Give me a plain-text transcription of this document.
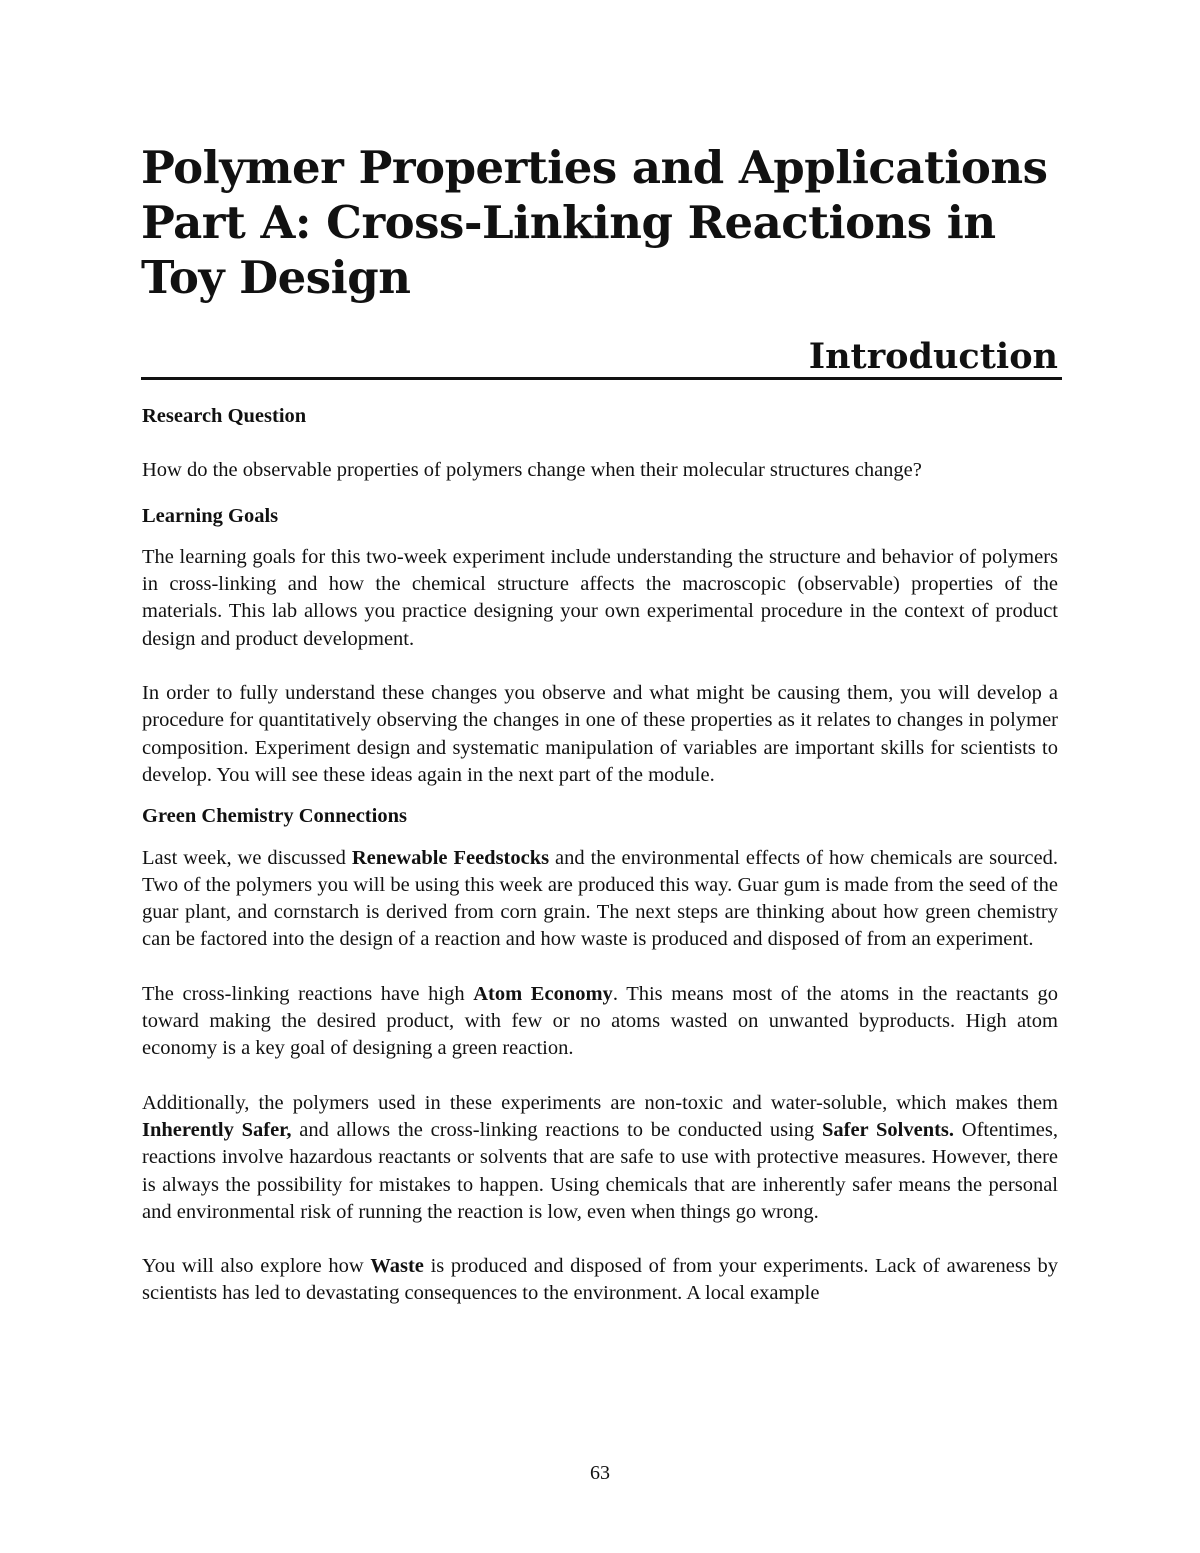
Polymer Properties and Applications
Part A: Cross-Linking Reactions in
Toy Design
Introduction
Research Question

How do the observable properties of polymers change when their molecular structures change?

Learning Goals

The learning goals for this two-week experiment include understanding the structure and behavior of polymers in cross-linking and how the chemical structure affects the macroscopic (observable) properties of the materials. This lab allows you practice designing your own experimental procedure in the context of product design and product development.

In order to fully understand these changes you observe and what might be causing them, you will develop a procedure for quantitatively observing the changes in one of these properties as it relates to changes in polymer composition. Experiment design and systematic manipulation of variables are important skills for scientists to develop. You will see these ideas again in the next part of the module.

Green Chemistry Connections

Last week, we discussed Renewable Feedstocks and the environmental effects of how chemicals are sourced. Two of the polymers you will be using this week are produced this way. Guar gum is made from the seed of the guar plant, and cornstarch is derived from corn grain. The next steps are thinking about how green chemistry can be factored into the design of a reaction and how waste is produced and disposed of from an experiment.

The cross-linking reactions have high Atom Economy. This means most of the atoms in the reactants go toward making the desired product, with few or no atoms wasted on unwanted byproducts. High atom economy is a key goal of designing a green reaction.

Additionally, the polymers used in these experiments are non-toxic and water-soluble, which makes them Inherently Safer, and allows the cross-linking reactions to be conducted using Safer Solvents. Oftentimes, reactions involve hazardous reactants or solvents that are safe to use with protective measures. However, there is always the possibility for mistakes to happen. Using chemicals that are inherently safer means the personal and environmental risk of running the reaction is low, even when things go wrong.

You will also explore how Waste is produced and disposed of from your experiments. Lack of awareness by scientists has led to devastating consequences to the environment. A local example

63
